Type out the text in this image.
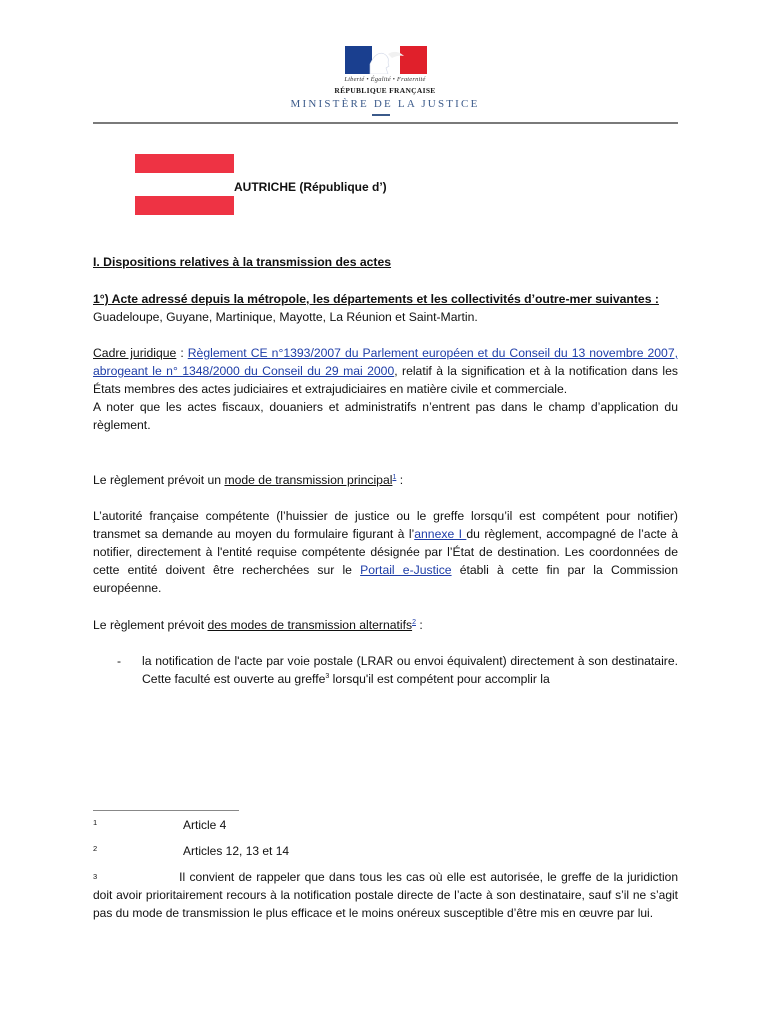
Liberté • Égalité • Fraternité
RÉPUBLIQUE FRANÇAISE
MINISTÈRE DE LA JUSTICE
AUTRICHE (République d’)
I. Dispositions relatives à la transmission des actes
1°) Acte adressé depuis la métropole, les départements et les collectivités d’outre-mer suivantes :
Guadeloupe, Guyane, Martinique, Mayotte, La Réunion et Saint-Martin.
Cadre juridique : Règlement CE n°1393/2007 du Parlement européen et du Conseil du 13 novembre 2007, abrogeant le n° 1348/2000 du Conseil du 29 mai 2000, relatif à la signification et à la notification dans les États membres des actes judiciaires et extrajudiciaires en matière civile et commerciale.
A noter que les actes fiscaux, douaniers et administratifs n’entrent pas dans le champ d’application du règlement.
Le règlement prévoit un mode de transmission principal$^1$ :
L’autorité française compétente (l’huissier de justice ou le greffe lorsqu’il est compétent pour notifier) transmet sa demande au moyen du formulaire figurant à l’annexe I du règlement, accompagné de l’acte à notifier, directement à l'entité requise compétente désignée par l’État de destination. Les coordonnées de cette entité doivent être recherchées sur le Portail e-Justice établi à cette fin par la Commission européenne.
Le règlement prévoit des modes de transmission alternatifs$^2$ :
- la notification de l'acte par voie postale (LRAR ou envoi équivalent) directement à son destinataire. Cette faculté est ouverte au greffe$^3$ lorsqu'il est compétent pour accomplir la
1	Article 4
2	Articles 12, 13 et 14
$^3$	Il convient de rappeler que dans tous les cas où elle est autorisée, le greffe de la juridiction doit avoir prioritairement recours à la notification postale directe de l’acte à son destinataire, sauf s’il ne s’agit pas du mode de transmission le plus efficace et le moins onéreux susceptible d’être mis en œuvre par lui.
